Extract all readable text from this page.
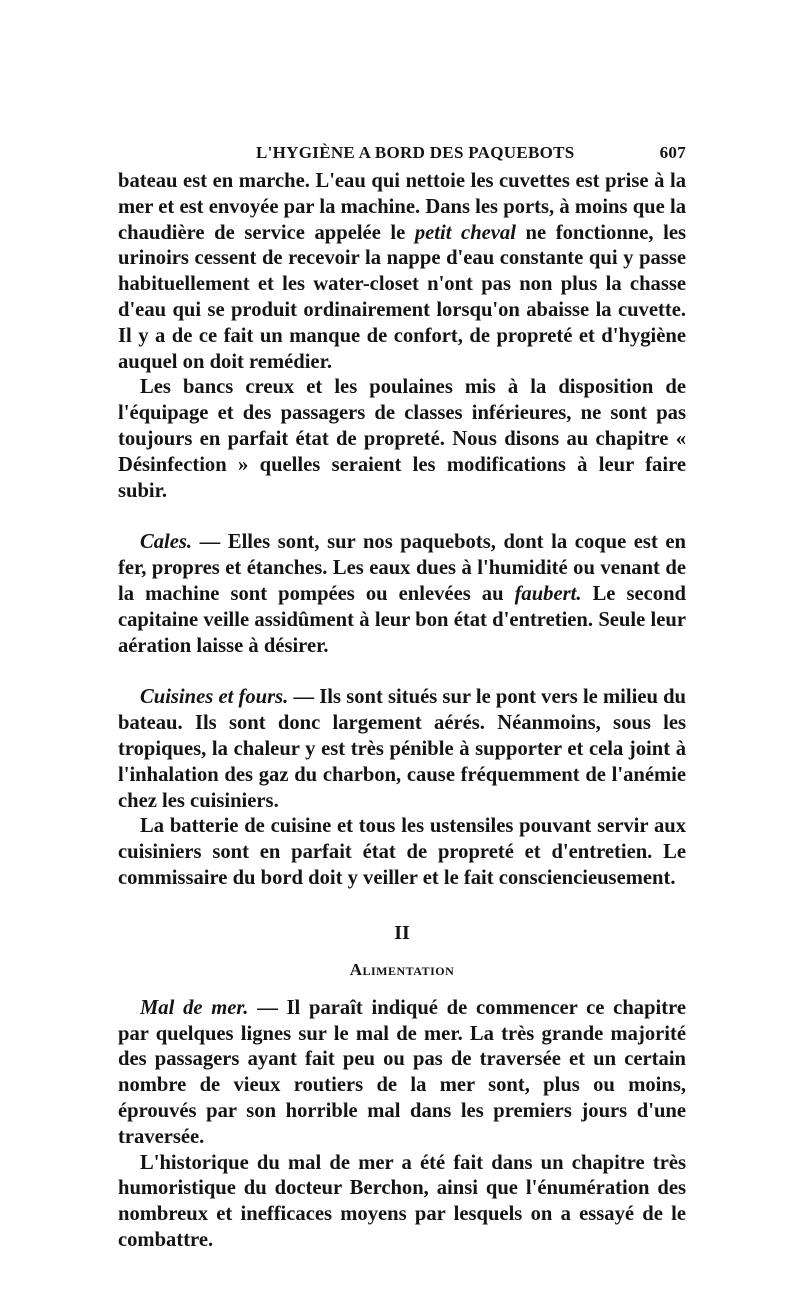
L'HYGIÈNE A BORD DES PAQUEBOTS	607

bateau est en marche. L'eau qui nettoie les cuvettes est prise à la mer et est envoyée par la machine. Dans les ports, à moins que la chaudière de service appelée le petit cheval ne fonctionne, les urinoirs cessent de recevoir la nappe d'eau constante qui y passe habituellement et les water-closet n'ont pas non plus la chasse d'eau qui se produit ordinairement lorsqu'on abaisse la cuvette. Il y a de ce fait un manque de confort, de propreté et d'hygiène auquel on doit remédier.

Les bancs creux et les poulaines mis à la disposition de l'équipage et des passagers de classes inférieures, ne sont pas toujours en parfait état de propreté. Nous disons au chapitre « Désinfection » quelles seraient les modifications à leur faire subir.

Cales. — Elles sont, sur nos paquebots, dont la coque est en fer, propres et étanches. Les eaux dues à l'humidité ou venant de la machine sont pompées ou enlevées au faubert. Le second capitaine veille assidûment à leur bon état d'entretien. Seule leur aération laisse à désirer.

Cuisines et fours. — Ils sont situés sur le pont vers le milieu du bateau. Ils sont donc largement aérés. Néanmoins, sous les tropiques, la chaleur y est très pénible à supporter et cela joint à l'inhalation des gaz du charbon, cause fréquemment de l'anémie chez les cuisiniers.

La batterie de cuisine et tous les ustensiles pouvant servir aux cuisiniers sont en parfait état de propreté et d'entretien. Le commissaire du bord doit y veiller et le fait consciencieusement.

II
Alimentation

Mal de mer. — Il paraît indiqué de commencer ce chapitre par quelques lignes sur le mal de mer. La très grande majorité des passagers ayant fait peu ou pas de traversée et un certain nombre de vieux routiers de la mer sont, plus ou moins, éprouvés par son horrible mal dans les premiers jours d'une traversée.

L'historique du mal de mer a été fait dans un chapitre très humoristique du docteur Berchon, ainsi que l'énumération des nombreux et inefficaces moyens par lesquels on a essayé de le combattre.
